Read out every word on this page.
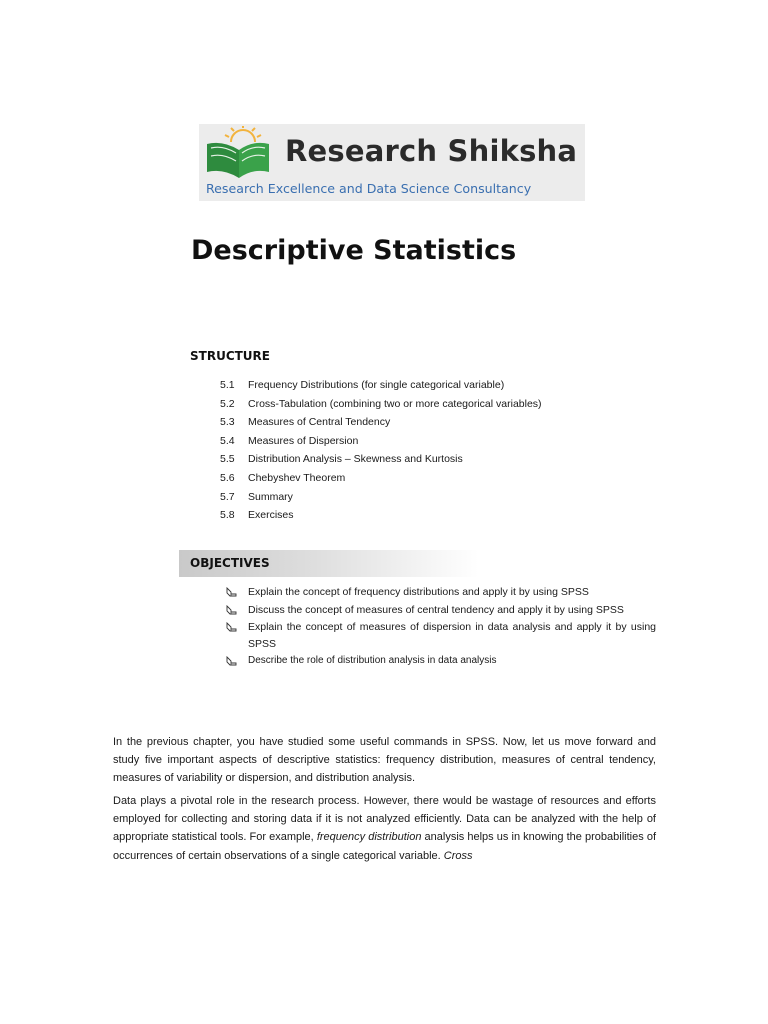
Research Shiksha
Research Excellence and Data Science Consultancy
Descriptive Statistics
STRUCTURE
5.1 Frequency Distributions (for single categorical variable)
5.2 Cross-Tabulation (combining two or more categorical variables)
5.3 Measures of Central Tendency
5.4 Measures of Dispersion
5.5 Distribution Analysis – Skewness and Kurtosis
5.6 Chebyshev Theorem
5.7 Summary
5.8 Exercises
OBJECTIVES
Explain the concept of frequency distributions and apply it by using SPSS
Discuss the concept of measures of central tendency and apply it by using SPSS
Explain the concept of measures of dispersion in data analysis and apply it by using SPSS
Describe the role of distribution analysis in data analysis

In the previous chapter, you have studied some useful commands in SPSS. Now, let us move forward and study five important aspects of descriptive statistics: frequency distribution, measures of central tendency, measures of variability or dispersion, and distribution analysis.

Data plays a pivotal role in the research process. However, there would be wastage of resources and efforts employed for collecting and storing data if it is not analyzed efficiently. Data can be analyzed with the help of appropriate statistical tools. For example, frequency distribution analysis helps us in knowing the probabilities of occurrences of certain observations of a single categorical variable. Cross
